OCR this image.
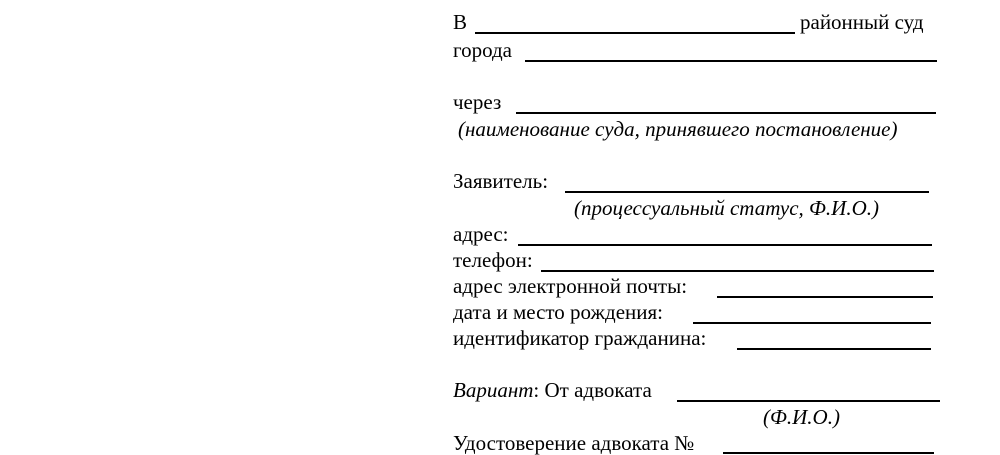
В	районный суд
города
через
(наименование суда, принявшего постановление)
Заявитель:
(процессуальный статус, Ф.И.О.)
адрес:
телефон:
адрес электронной почты:
дата и место рождения:
идентификатор гражданина:
Вариант: От адвоката
(Ф.И.О.)
Удостоверение адвоката №
